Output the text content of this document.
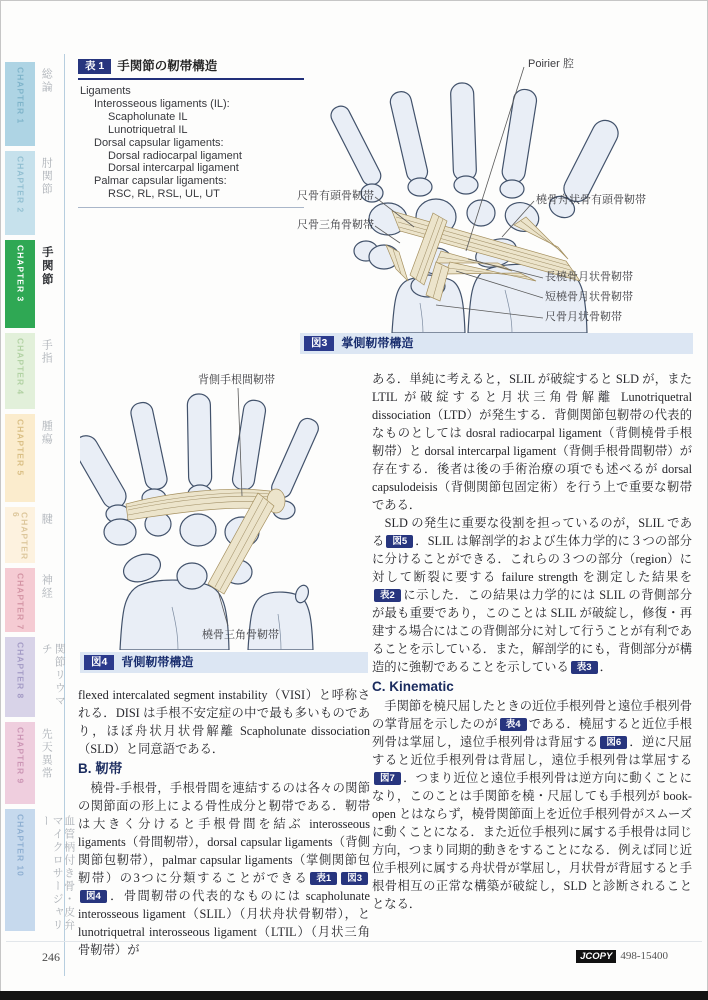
CHAPTER 1 総論
CHAPTER 2 肘関節
CHAPTER 3 手関節
CHAPTER 4 手指
CHAPTER 5 腫瘍
CHAPTER 6	腱
CHAPTER 7 神経
CHAPTER 8	関節リウマチ
CHAPTER 9 先天異常
CHAPTER 10	血管柄付き骨・皮弁 マイクロサージャリー
表 1	手関節の靭帯構造
Ligaments
Interosseous ligaments (IL):
Scapholunate IL
Lunotriquetral IL
Dorsal capsular ligaments:
Dorsal radiocarpal ligament
Dorsal intercarpal ligament
Palmar capsular ligaments:
RSC, RL, RSL, UL, UT
Poirier 腔
尺骨有頭骨靭帯
尺骨三角骨靭帯
橈骨舟状骨有頭骨靭帯
長橈骨月状骨靭帯
短橈骨月状骨靭帯
尺骨月状骨靭帯
図3	掌側靭帯構造
背側手根間靭帯
橈骨三角骨靭帯
図4	背側靭帯構造

flexed intercalated segment instability（VISI）と呼称される．DISI は手根不安定症の中で最も多いものであり，ほぼ舟状月状骨解離 Scapholunate dissociation（SLD）と同意語である．

B. 靭帯

　橈骨-手根骨，手根骨間を連結するのは各々の関節の関節面の形上による骨性成分と靭帯である．靭帯は大きく分けると手根骨間を結ぶ interosseous ligaments（骨間靭帯），dorsal capsular ligaments（背側関節包靭帯），palmar capsular ligaments（掌側関節包靭帯）の3つに分類することができる 表1 図3図4 ．骨間靭帯の代表的なものには scapholunate interosseous ligament（SLIL）（月状舟状骨靭帯），と lunotriquetral interosseous ligament（LTIL）（月状三角骨靭帯）が

ある．単純に考えると，SLIL が破綻すると SLD が，また LTIL が破綻すると月状三角骨解離 Lunotriquetral dissociation（LTD）が発生する．背側関節包靭帯の代表的なものとしては dosral radiocarpal ligament（背側橈骨手根靭帯）と dorsal intercarpal ligament（背側手根骨間靭帯）が存在する．後者は後の手術治療の項でも述べるが dorsal capsulodeisis（背側関節包固定術）を行う上で重要な靭帯である．

　SLD の発生に重要な役割を担っているのが，SLIL である 図5 ．SLIL は解剖学的および生体力学的に３つの部分に分けることができる．これらの３つの部分（region）に対して断裂に要する failure strength を測定した結果を表2 に示した．この結果は力学的には SLIL の背側部分が最も重要であり，このことは SLIL が破綻し，修復・再建する場合にはこの背側部分に対して行うことが有利であることを示している．また，解剖学的にも，背側部分が構造的に強靭であることを示している 表3 ．

C. Kinematic

　手関節を橈尺屈したときの近位手根列骨と遠位手根列骨の掌背屈を示したのが 表4 である．橈屈すると近位手根列骨は掌屈し，遠位手根列骨は背屈する 図6 ．逆に尺屈すると近位手根列骨は背屈し，遠位手根列骨は掌屈する図7 ．つまり近位と遠位手根列骨は逆方向に動くことになり，このことは手関節を橈・尺屈しても手根列が book-open とはならず，橈骨関節面上を近位手根列骨がスムーズに動くことになる．また近位手根列に属する手根骨は同じ方向，つまり同期的動きをすることになる．例えば同じ近位手根列に属する舟状骨が掌屈し，月状骨が背屈すると手根骨相互の正常な構築が破綻し，SLD と診断されることとなる．

246	JCOPY 498-15400
